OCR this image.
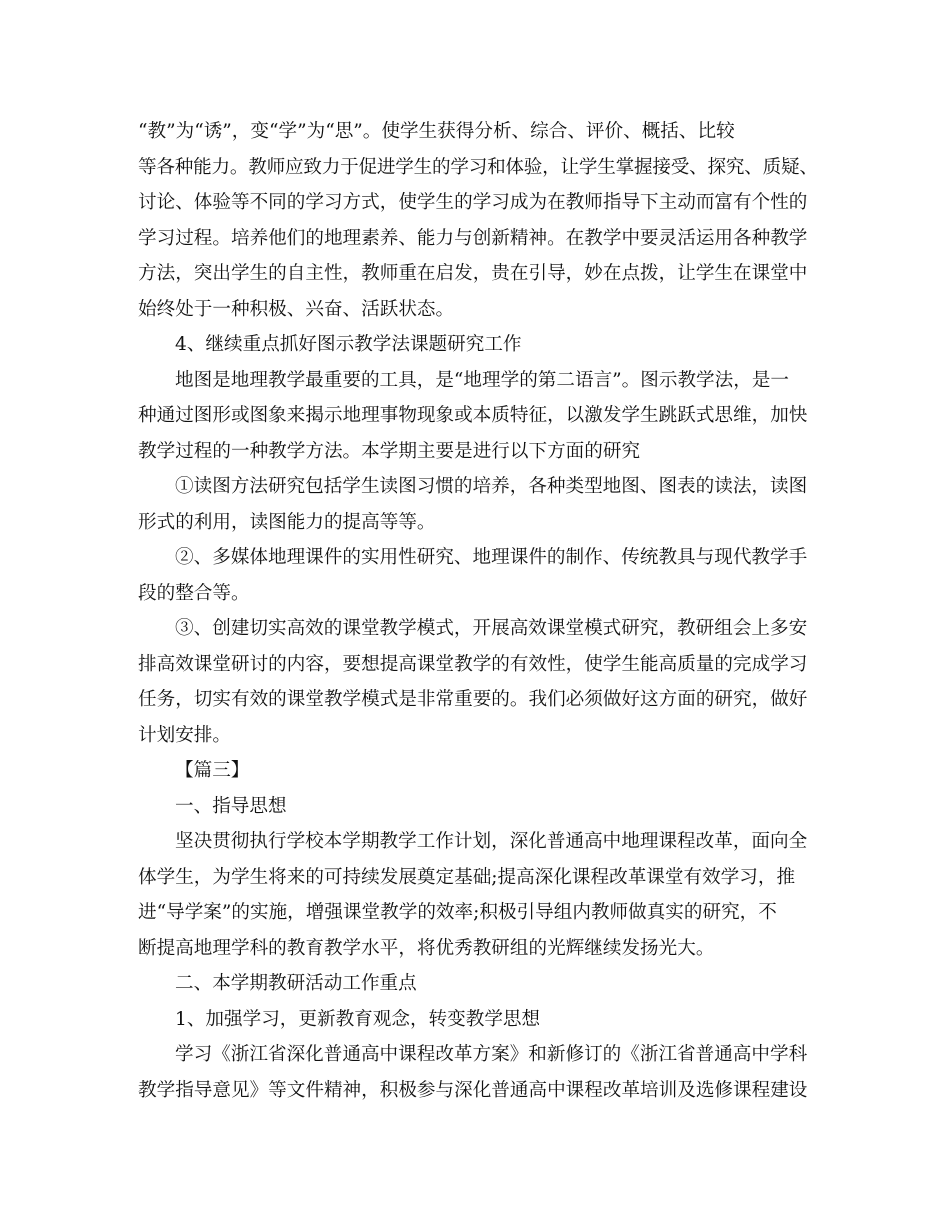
“教”为“诱”，变“学”为“思”。使学生获得分析、综合、评价、概括、比较
等各种能力。教师应致力于促进学生的学习和体验，让学生掌握接受、探究、质疑、
讨论、体验等不同的学习方式，使学生的学习成为在教师指导下主动而富有个性的
学习过程。培养他们的地理素养、能力与创新精神。在教学中要灵活运用各种教学
方法，突出学生的自主性，教师重在启发，贵在引导，妙在点拨，让学生在课堂中
始终处于一种积极、兴奋、活跃状态。
4、继续重点抓好图示教学法课题研究工作
地图是地理教学最重要的工具，是“地理学的第二语言”。图示教学法，是一
种通过图形或图象来揭示地理事物现象或本质特征，以激发学生跳跃式思维，加快
教学过程的一种教学方法。本学期主要是进行以下方面的研究
①读图方法研究包括学生读图习惯的培养，各种类型地图、图表的读法，读图
形式的利用，读图能力的提高等等。
②、多媒体地理课件的实用性研究、地理课件的制作、传统教具与现代教学手
段的整合等。
③、创建切实高效的课堂教学模式，开展高效课堂模式研究，教研组会上多安
排高效课堂研讨的内容，要想提高课堂教学的有效性，使学生能高质量的完成学习
任务，切实有效的课堂教学模式是非常重要的。我们必须做好这方面的研究，做好
计划安排。
【篇三】
一、指导思想
坚决贯彻执行学校本学期教学工作计划，深化普通高中地理课程改革，面向全
体学生，为学生将来的可持续发展奠定基础;提高深化课程改革课堂有效学习，推
进“导学案”的实施，增强课堂教学的效率;积极引导组内教师做真实的研究，不
断提高地理学科的教育教学水平，将优秀教研组的光辉继续发扬光大。
二、本学期教研活动工作重点
1、加强学习，更新教育观念，转变教学思想
学习《浙江省深化普通高中课程改革方案》和新修订的《浙江省普通高中学科
教学指导意见》等文件精神，积极参与深化普通高中课程改革培训及选修课程建设
